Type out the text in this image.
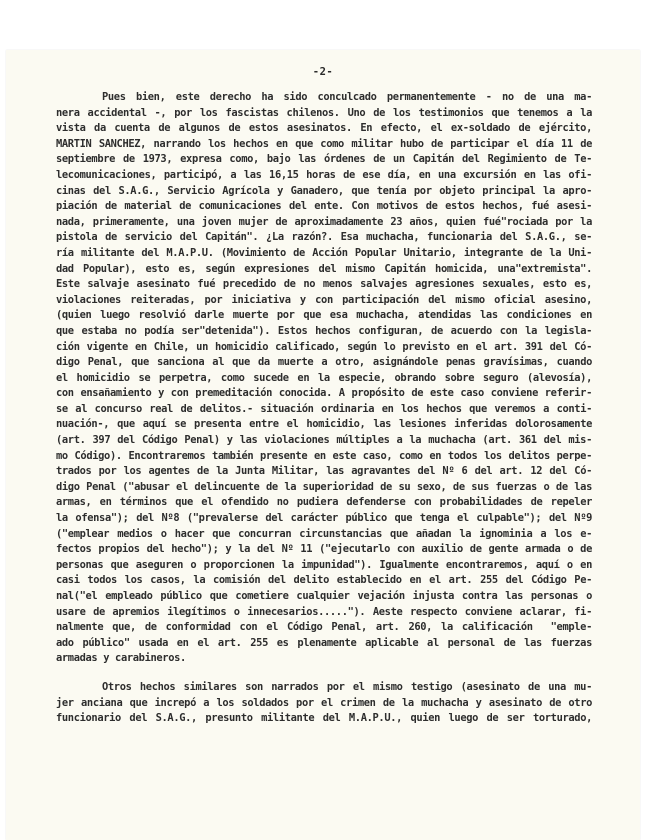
-2-
Pues bien, este derecho ha sido conculcado permanentemente - no de una ma-
nera accidental -, por los fascistas chilenos. Uno de los testimonios que tenemos a la
vista da cuenta de algunos de estos asesinatos. En efecto, el ex-soldado de ejército,
MARTIN SANCHEZ, narrando los hechos en que como militar hubo de participar el día 11 de
septiembre de 1973, expresa como, bajo las órdenes de un Capitán del Regimiento de Te-
lecomunicaciones, participó, a las 16,15 horas de ese día, en una excursión en las ofi-
cinas del S.A.G., Servicio Agrícola y Ganadero, que tenía por objeto principal la apro-
piación de material de comunicaciones del ente. Con motivos de estos hechos, fué asesi-
nada, primeramente, una joven mujer de aproximadamente 23 años, quien fué"rociada por la
pistola de servicio del Capitán". ¿La razón?. Esa muchacha, funcionaria del S.A.G., se-
ría militante del M.A.P.U. (Movimiento de Acción Popular Unitario, integrante de la Uni-
dad Popular), esto es, según expresiones del mismo Capitán homicida, una"extremista".
Este salvaje asesinato fué precedido de no menos salvajes agresiones sexuales, esto es,
violaciones reiteradas, por iniciativa y con participación del mismo oficial asesino,
(quien luego resolvió darle muerte por que esa muchacha, atendidas las condiciones en
que estaba no podía ser"detenida"). Estos hechos configuran, de acuerdo con la legisla-
ción vigente en Chile, un homicidio calificado, según lo previsto en el art. 391 del Có-
digo Penal, que sanciona al que da muerte a otro, asignándole penas gravísimas, cuando
el homicidio se perpetra, como sucede en la especie, obrando sobre seguro (alevosía),
con ensañamiento y con premeditación conocida. A propósito de este caso conviene referir-
se al concurso real de delitos.- situación ordinaria en los hechos que veremos a conti-
nuación-, que aquí se presenta entre el homicidio, las lesiones inferidas dolorosamente
(art. 397 del Código Penal) y las violaciones múltiples a la muchacha (art. 361 del mis-
mo Código). Encontraremos también presente en este caso, como en todos los delitos perpe-
trados por los agentes de la Junta Militar, las agravantes del Nº 6 del art. 12 del Có-
digo Penal ("abusar el delincuente de la superioridad de su sexo, de sus fuerzas o de las
armas, en términos que el ofendido no pudiera defenderse con probabilidades de repeler
la ofensa"); del Nº8 ("prevalerse del carácter público que tenga el culpable"); del Nº9
("emplear medios o hacer que concurran circunstancias que añadan la ignominia a los e-
fectos propios del hecho"); y la del Nº 11 ("ejecutarlo con auxilio de gente armada o de
personas que aseguren o proporcionen la impunidad"). Igualmente encontraremos, aquí o en
casi todos los casos, la comisión del delito establecido en el art. 255 del Código Pe-
nal("el empleado público que cometiere cualquier vejación injusta contra las personas o
usare de apremios ilegítimos o innecesarios....."). Aeste respecto conviene aclarar, fi-
nalmente que, de conformidad con el Código Penal, art. 260, la calificación  "emple-
ado público" usada en el art. 255 es plenamente aplicable al personal de las fuerzas
armadas y carabineros.
Otros hechos similares son narrados por el mismo testigo (asesinato de una mu-
jer anciana que increpó a los soldados por el crimen de la muchacha y asesinato de otro
funcionario del S.A.G., presunto militante del M.A.P.U., quien luego de ser torturado,
